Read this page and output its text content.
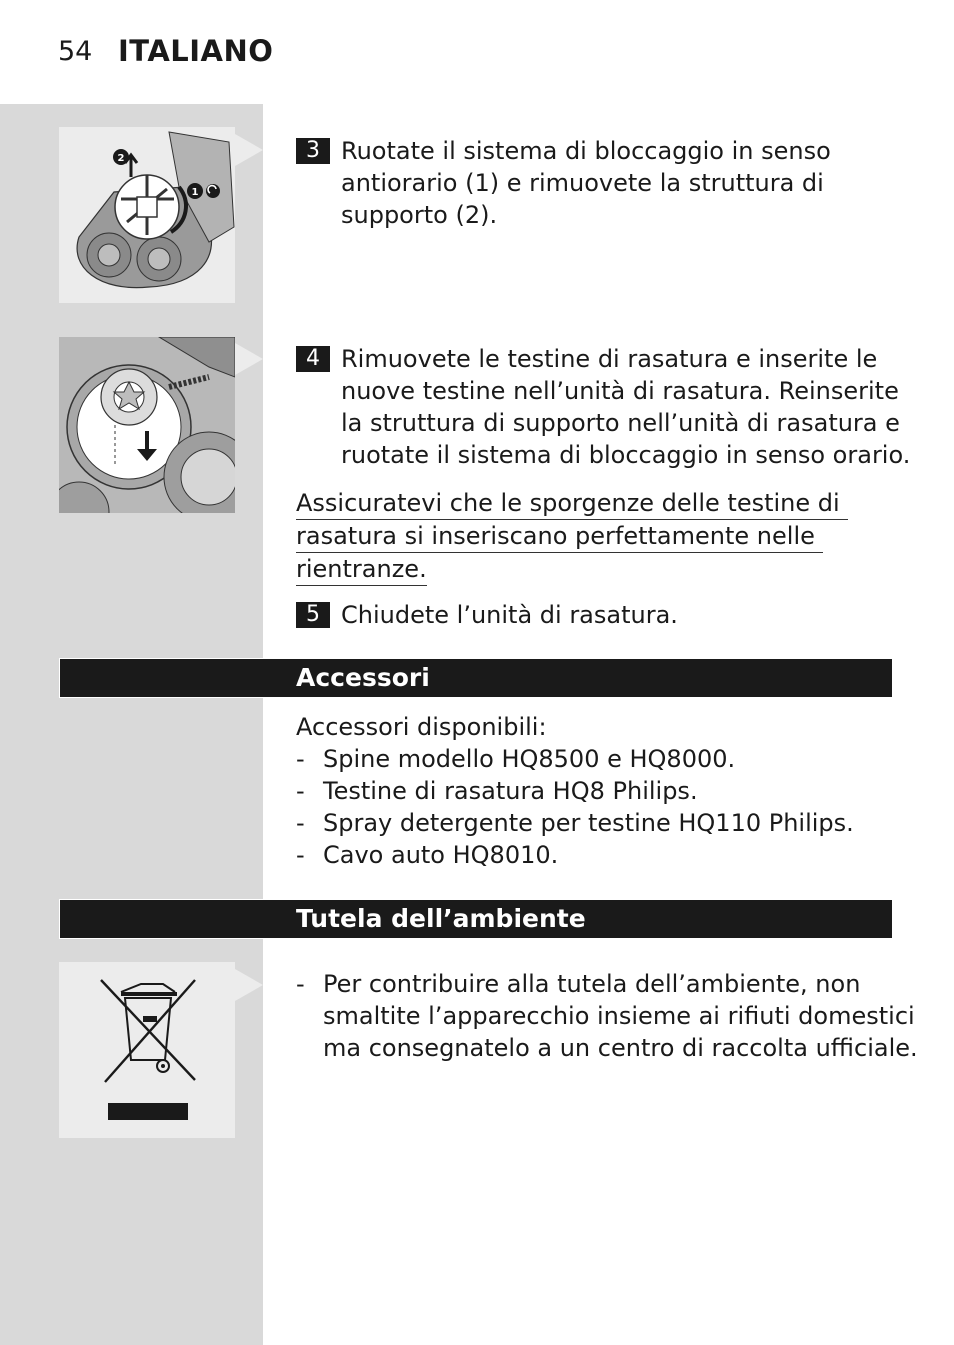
54 ITALIANO
2
1
3 Ruotate il sistema di bloccaggio in senso
antiorario (1) e rimuovete la struttura di
supporto (2).
4 Rimuovete le testine di rasatura e inserite le
nuove testine nell’unità di rasatura. Reinserite
la struttura di supporto nell’unità di rasatura e
ruotate il sistema di bloccaggio in senso orario.
Assicuratevi che le sporgenze delle testine di
rasatura si inseriscano perfettamente nelle
rientranze.
5 Chiudete l’unità di rasatura.
Accessori
Accessori disponibili:
- Spine modello HQ8500 e HQ8000.
- Testine di rasatura HQ8 Philips.
- Spray detergente per testine HQ110 Philips.
- Cavo auto HQ8010.
Tutela dell’ambiente
- Per contribuire alla tutela dell’ambiente, non
smaltite l’apparecchio insieme ai rifiuti domestici
ma consegnatelo a un centro di raccolta ufficiale.
